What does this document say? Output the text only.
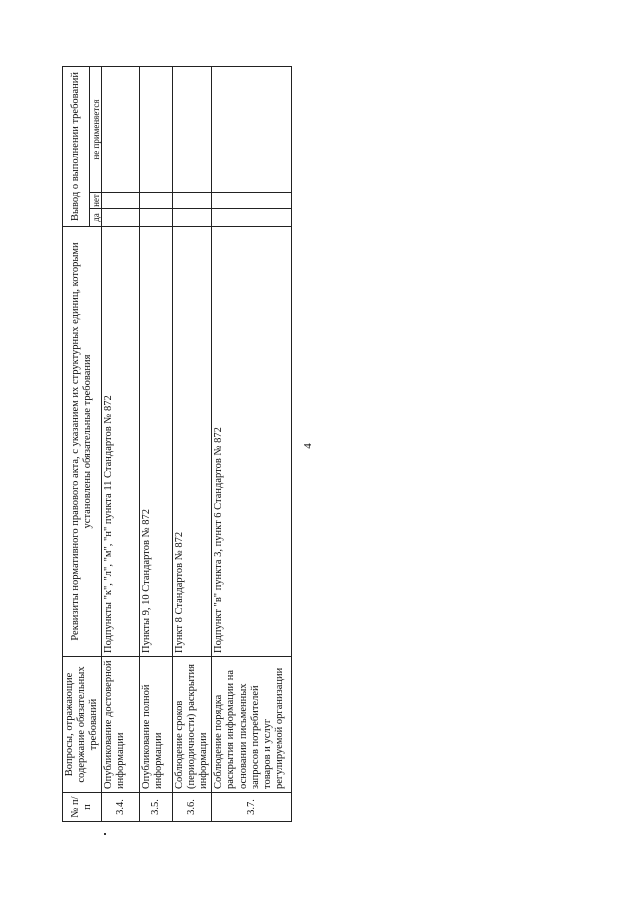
4
№ п/п	Вопросы, отражающие содержание обязательных требований	Реквизиты нормативного правового акта, с указанием их структурных единиц, которыми установлены обязательные требования	Вывод о выполнении требований		
			да	нет	не применяется
3.4.	Опубликование достоверной информации	Подпункты "к", "л", "м", "н" пункта 11 Стандартов № 872			
3.5.	Опубликование полной информации	Пункты 9, 10 Стандартов № 872			
3.6.	Соблюдение сроков (периодичности) раскрытия информации	Пункт 8 Стандартов № 872			
3.7.	Соблюдение порядка раскрытия информации на основании письменных запросов потребителей товаров и услуг регулируемой организации	Подпункт "в" пункта 3, пункт 6 Стандартов № 872			
